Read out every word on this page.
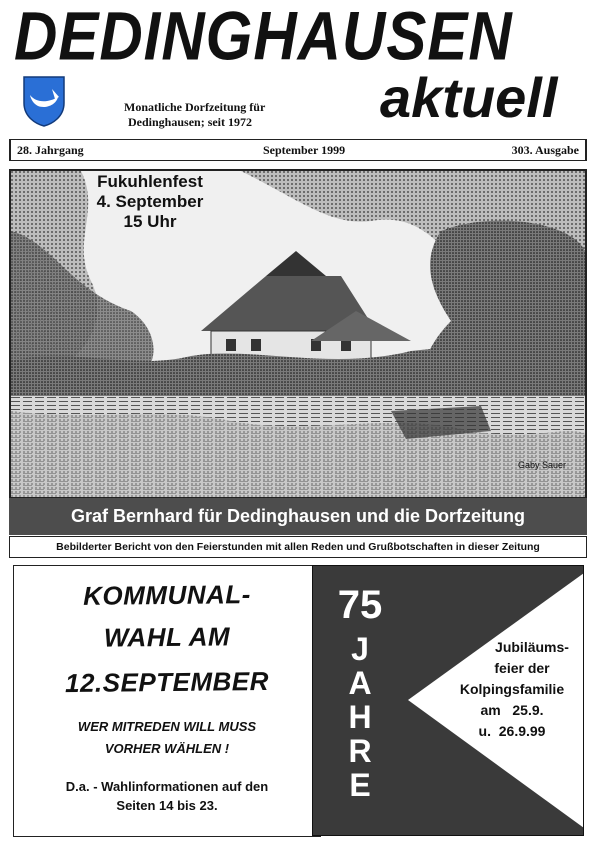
DEDINGHAUSEN
aktuell
Monatliche Dorfzeitung für
Dedinghausen; seit 1972
28. Jahrgang	September 1999	303. Ausgabe
Fukuhlenfest
4. September
15 Uhr
Gaby Sauer
Graf Bernhard für Dedinghausen und die Dorfzeitung
Bebilderter Bericht von den Feierstunden mit allen Reden und Grußbotschaften in dieser Zeitung
KOMMUNAL-
WAHL AM
12.SEPTEMBER
WER MITREDEN WILL MUSS
VORHER WÄHLEN !
D.a. - Wahlinformationen auf den
Seiten 14 bis 23.
75
J
A
H
R
E
Jubiläums-
feier der
Kolpingsfamilie
am   25.9.
u.  26.9.99
